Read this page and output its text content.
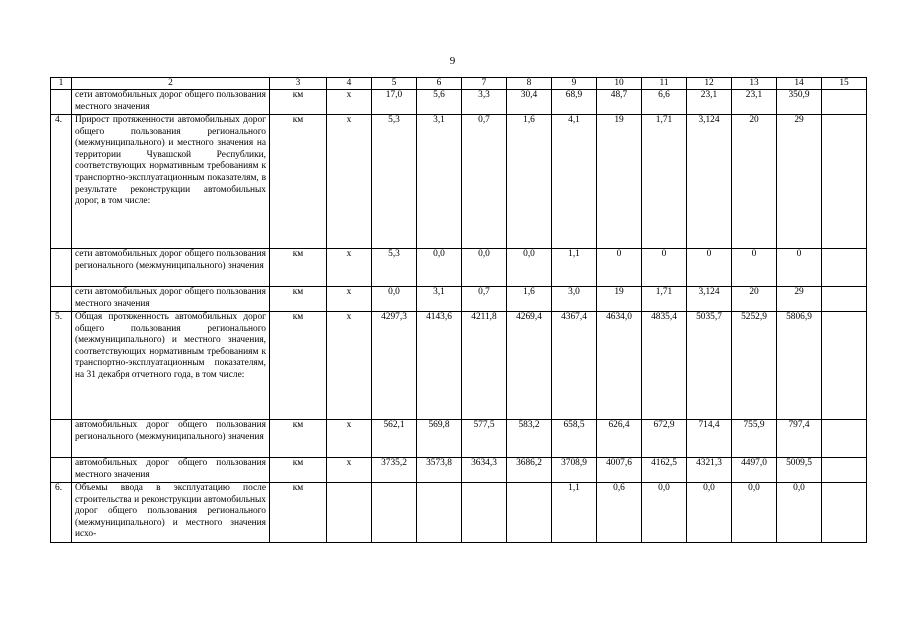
9
1	2	3	4	5	6	7	8	9	10	11	12	13	14	15
	сети автомобильных дорог общего пользования местного значения	км	x	17,0	5,6	3,3	30,4	68,9	48,7	6,6	23,1	23,1	350,9	
4.	Прирост протяженности автомобильных дорог общего пользования регионального (межмуниципального) и местного значения на территории Чувашской Республики, соответствующих нормативным требованиям к транспортно-эксплуатационным показателям, в результате реконструкции автомобильных дорог, в том числе:	км	x	5,3	3,1	0,7	1,6	4,1	19	1,71	3,124	20	29	
	сети автомобильных дорог общего пользования регионального (межмуниципального) значения	км	x	5,3	0,0	0,0	0,0	1,1	0	0	0	0	0	
	сети автомобильных дорог общего пользования местного значения	км	x	0,0	3,1	0,7	1,6	3,0	19	1,71	3,124	20	29	
5.	Общая протяженность автомобильных дорог общего пользования регионального (межмуниципального) и местного значения, соответствующих нормативным требованиям к транспортно-эксплуатационным показателям, на 31 декабря отчетного года, в том числе:	км	x	4297,3	4143,6	4211,8	4269,4	4367,4	4634,0	4835,4	5035,7	5252,9	5806,9	
	автомобильных дорог общего пользования регионального (межмуниципального) значения	км	x	562,1	569,8	577,5	583,2	658,5	626,4	672,9	714,4	755,9	797,4	
	автомобильных дорог общего пользования местного значения	км	x	3735,2	3573,8	3634,3	3686,2	3708,9	4007,6	4162,5	4321,3	4497,0	5009,5	
6.	Объемы ввода в эксплуатацию после строительства и реконструкции автомобильных дорог общего пользования регионального (межмуниципального) и местного значения исхо-	км						1,1	0,6	0,0	0,0	0,0	0,0	
